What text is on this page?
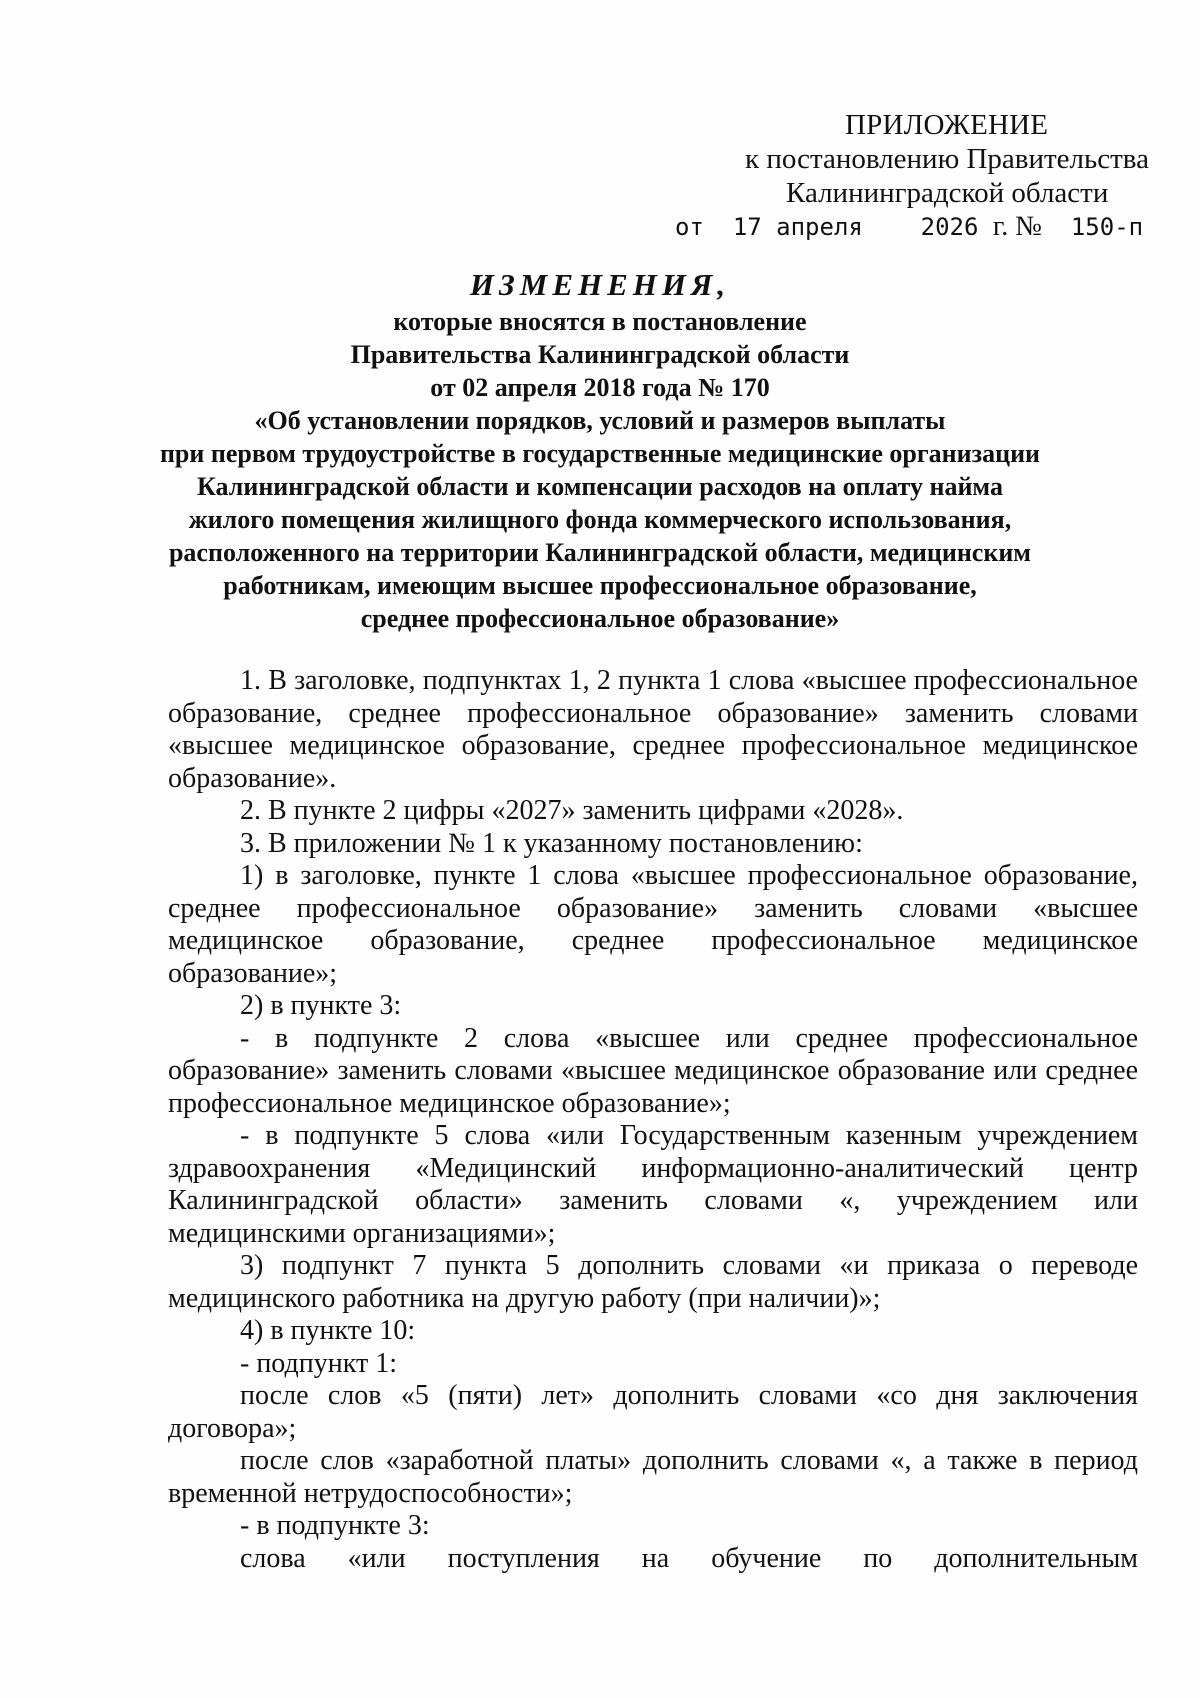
ПРИЛОЖЕНИЕ
к постановлению Правительства
Калининградской области
от 17 апреля 2026 г. № 150-п
ИЗМЕНЕНИЯ,
которые вносятся в постановление
Правительства Калининградской области
от 02 апреля 2018 года № 170
«Об установлении порядков, условий и размеров выплаты
при первом трудоустройстве в государственные медицинские организации
Калининградской области и компенсации расходов на оплату найма
жилого помещения жилищного фонда коммерческого использования,
расположенного на территории Калининградской области, медицинским
работникам, имеющим высшее профессиональное образование,
среднее профессиональное образование»

1. В заголовке, подпунктах 1, 2 пункта 1 слова «высшее профессиональное образование, среднее профессиональное образование» заменить словами «высшее медицинское образование, среднее профессиональное медицинское образование».

2. В пункте 2 цифры «2027» заменить цифрами «2028».

3. В приложении № 1 к указанному постановлению:

1) в заголовке, пункте 1 слова «высшее профессиональное образование, среднее профессиональное образование» заменить словами «высшее медицинское образование, среднее профессиональное медицинское образование»;

2) в пункте 3:

- в подпункте 2 слова «высшее или среднее профессиональное образование» заменить словами «высшее медицинское образование или среднее профессиональное медицинское образование»;

- в подпункте 5 слова «или Государственным казенным учреждением здравоохранения «Медицинский информационно-аналитический центр Калининградской области» заменить словами «, учреждением или медицинскими организациями»;

3) подпункт 7 пункта 5 дополнить словами «и приказа о переводе медицинского работника на другую работу (при наличии)»;

4) в пункте 10:

- подпункт 1:

после слов «5 (пяти) лет» дополнить словами «со дня заключения договора»;

после слов «заработной платы» дополнить словами «, а также в период временной нетрудоспособности»;

- в подпункте 3:

слова «или поступления на обучение по дополнительным
